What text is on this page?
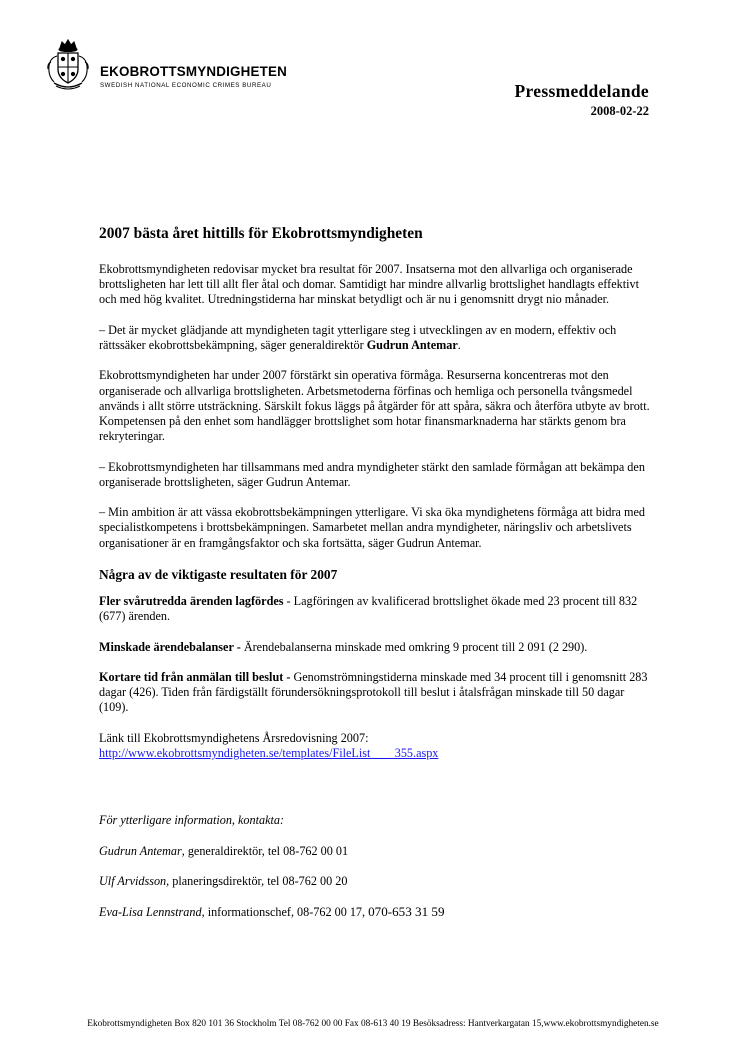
EKOBROTTSMYNDIGHETEN
SWEDISH NATIONAL ECONOMIC CRIMES BUREAU	Pressmeddelande
2008-02-22
2007 bästa året hittills för Ekobrottsmyndigheten

Ekobrottsmyndigheten redovisar mycket bra resultat för 2007. Insatserna mot den allvarliga och organiserade brottsligheten har lett till allt fler åtal och domar. Samtidigt har mindre allvarlig brottslighet handlagts effektivt och med hög kvalitet. Utredningstiderna har minskat betydligt och är nu i genomsnitt drygt nio månader.

– Det är mycket glädjande att myndigheten tagit ytterligare steg i utvecklingen av en modern, effektiv och rättssäker ekobrottsbekämpning, säger generaldirektör Gudrun Antemar.

Ekobrottsmyndigheten har under 2007 förstärkt sin operativa förmåga. Resurserna koncentreras mot den organiserade och allvarliga brottsligheten. Arbetsmetoderna förfinas och hemliga och personella tvångsmedel används i allt större utsträckning. Särskilt fokus läggs på åtgärder för att spåra, säkra och återföra utbyte av brott. Kompetensen på den enhet som handlägger brottslighet som hotar finansmarknaderna har stärkts genom bra rekryteringar.

– Ekobrottsmyndigheten har tillsammans med andra myndigheter stärkt den samlade förmågan att bekämpa den organiserade brottsligheten, säger Gudrun Antemar.

– Min ambition är att vässa ekobrottsbekämpningen ytterligare. Vi ska öka myndighetens förmåga att bidra med specialistkompetens i brottsbekämpningen. Samarbetet mellan andra myndigheter, näringsliv och arbetslivets organisationer är en framgångsfaktor och ska fortsätta, säger Gudrun Antemar.

Några av de viktigaste resultaten för 2007

Fler svårutredda ärenden lagfördes - Lagföringen av kvalificerad brottslighet ökade med 23 procent till 832 (677) ärenden.

Minskade ärendebalanser - Ärendebalanserna minskade med omkring 9 procent till 2 091 (2 290).

Kortare tid från anmälan till beslut - Genomströmningstiderna minskade med 34 procent till i genomsnitt 283 dagar (426). Tiden från färdigställt förundersökningsprotokoll till beslut i åtalsfrågan minskade till 50 dagar (109).

Länk till Ekobrottsmyndighetens Årsredovisning 2007:
http://www.ekobrottsmyndigheten.se/templates/FileList____355.aspx

För ytterligare information, kontakta:

Gudrun Antemar, generaldirektör, tel 08-762 00 01

Ulf Arvidsson, planeringsdirektör, tel 08-762 00 20

Eva-Lisa Lennstrand, informationschef, 08-762 00 17, 070-653 31 59

Ekobrottsmyndigheten Box 820 101 36 Stockholm Tel 08-762 00 00 Fax 08-613 40 19 Besöksadress: Hantverkargatan 15,www.ekobrottsmyndigheten.se
